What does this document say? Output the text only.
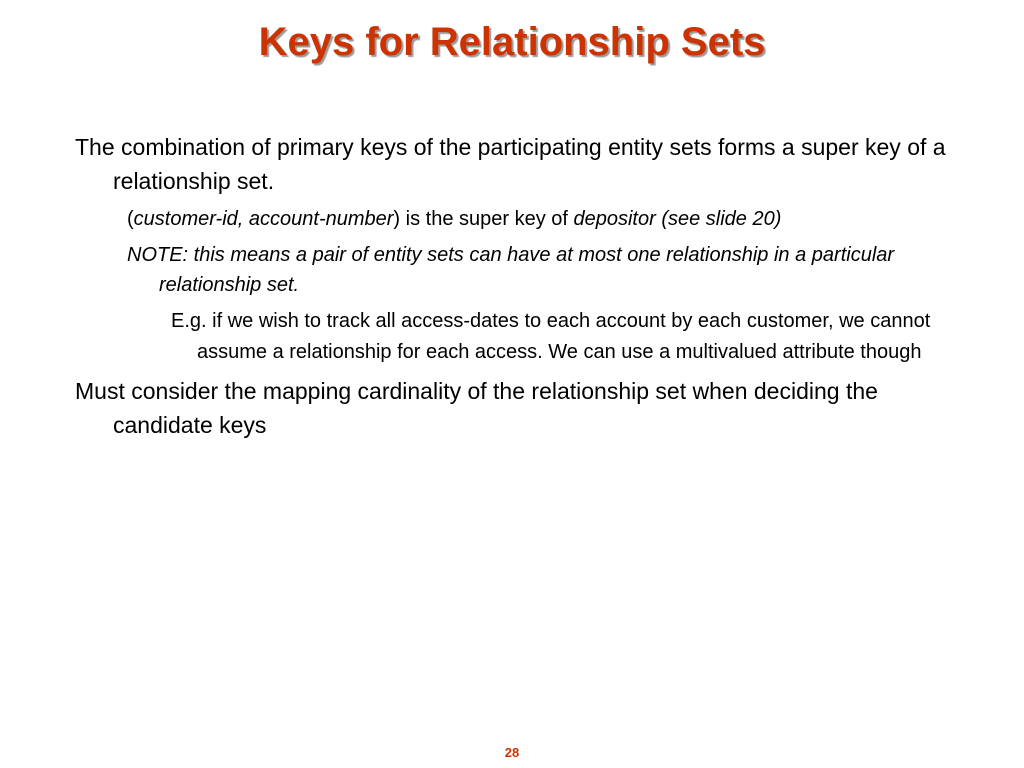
Keys for Relationship Sets

The combination of primary keys of the participating entity sets forms a super key of a relationship set.

(customer-id, account-number) is the super key of depositor (see slide 20)

NOTE: this means a pair of entity sets can have at most one relationship in a particular relationship set.

E.g. if we wish to track all access-dates to each account by each customer, we cannot assume a relationship for each access. We can use a multivalued attribute though

Must consider the mapping cardinality of the relationship set when deciding the candidate keys

28
